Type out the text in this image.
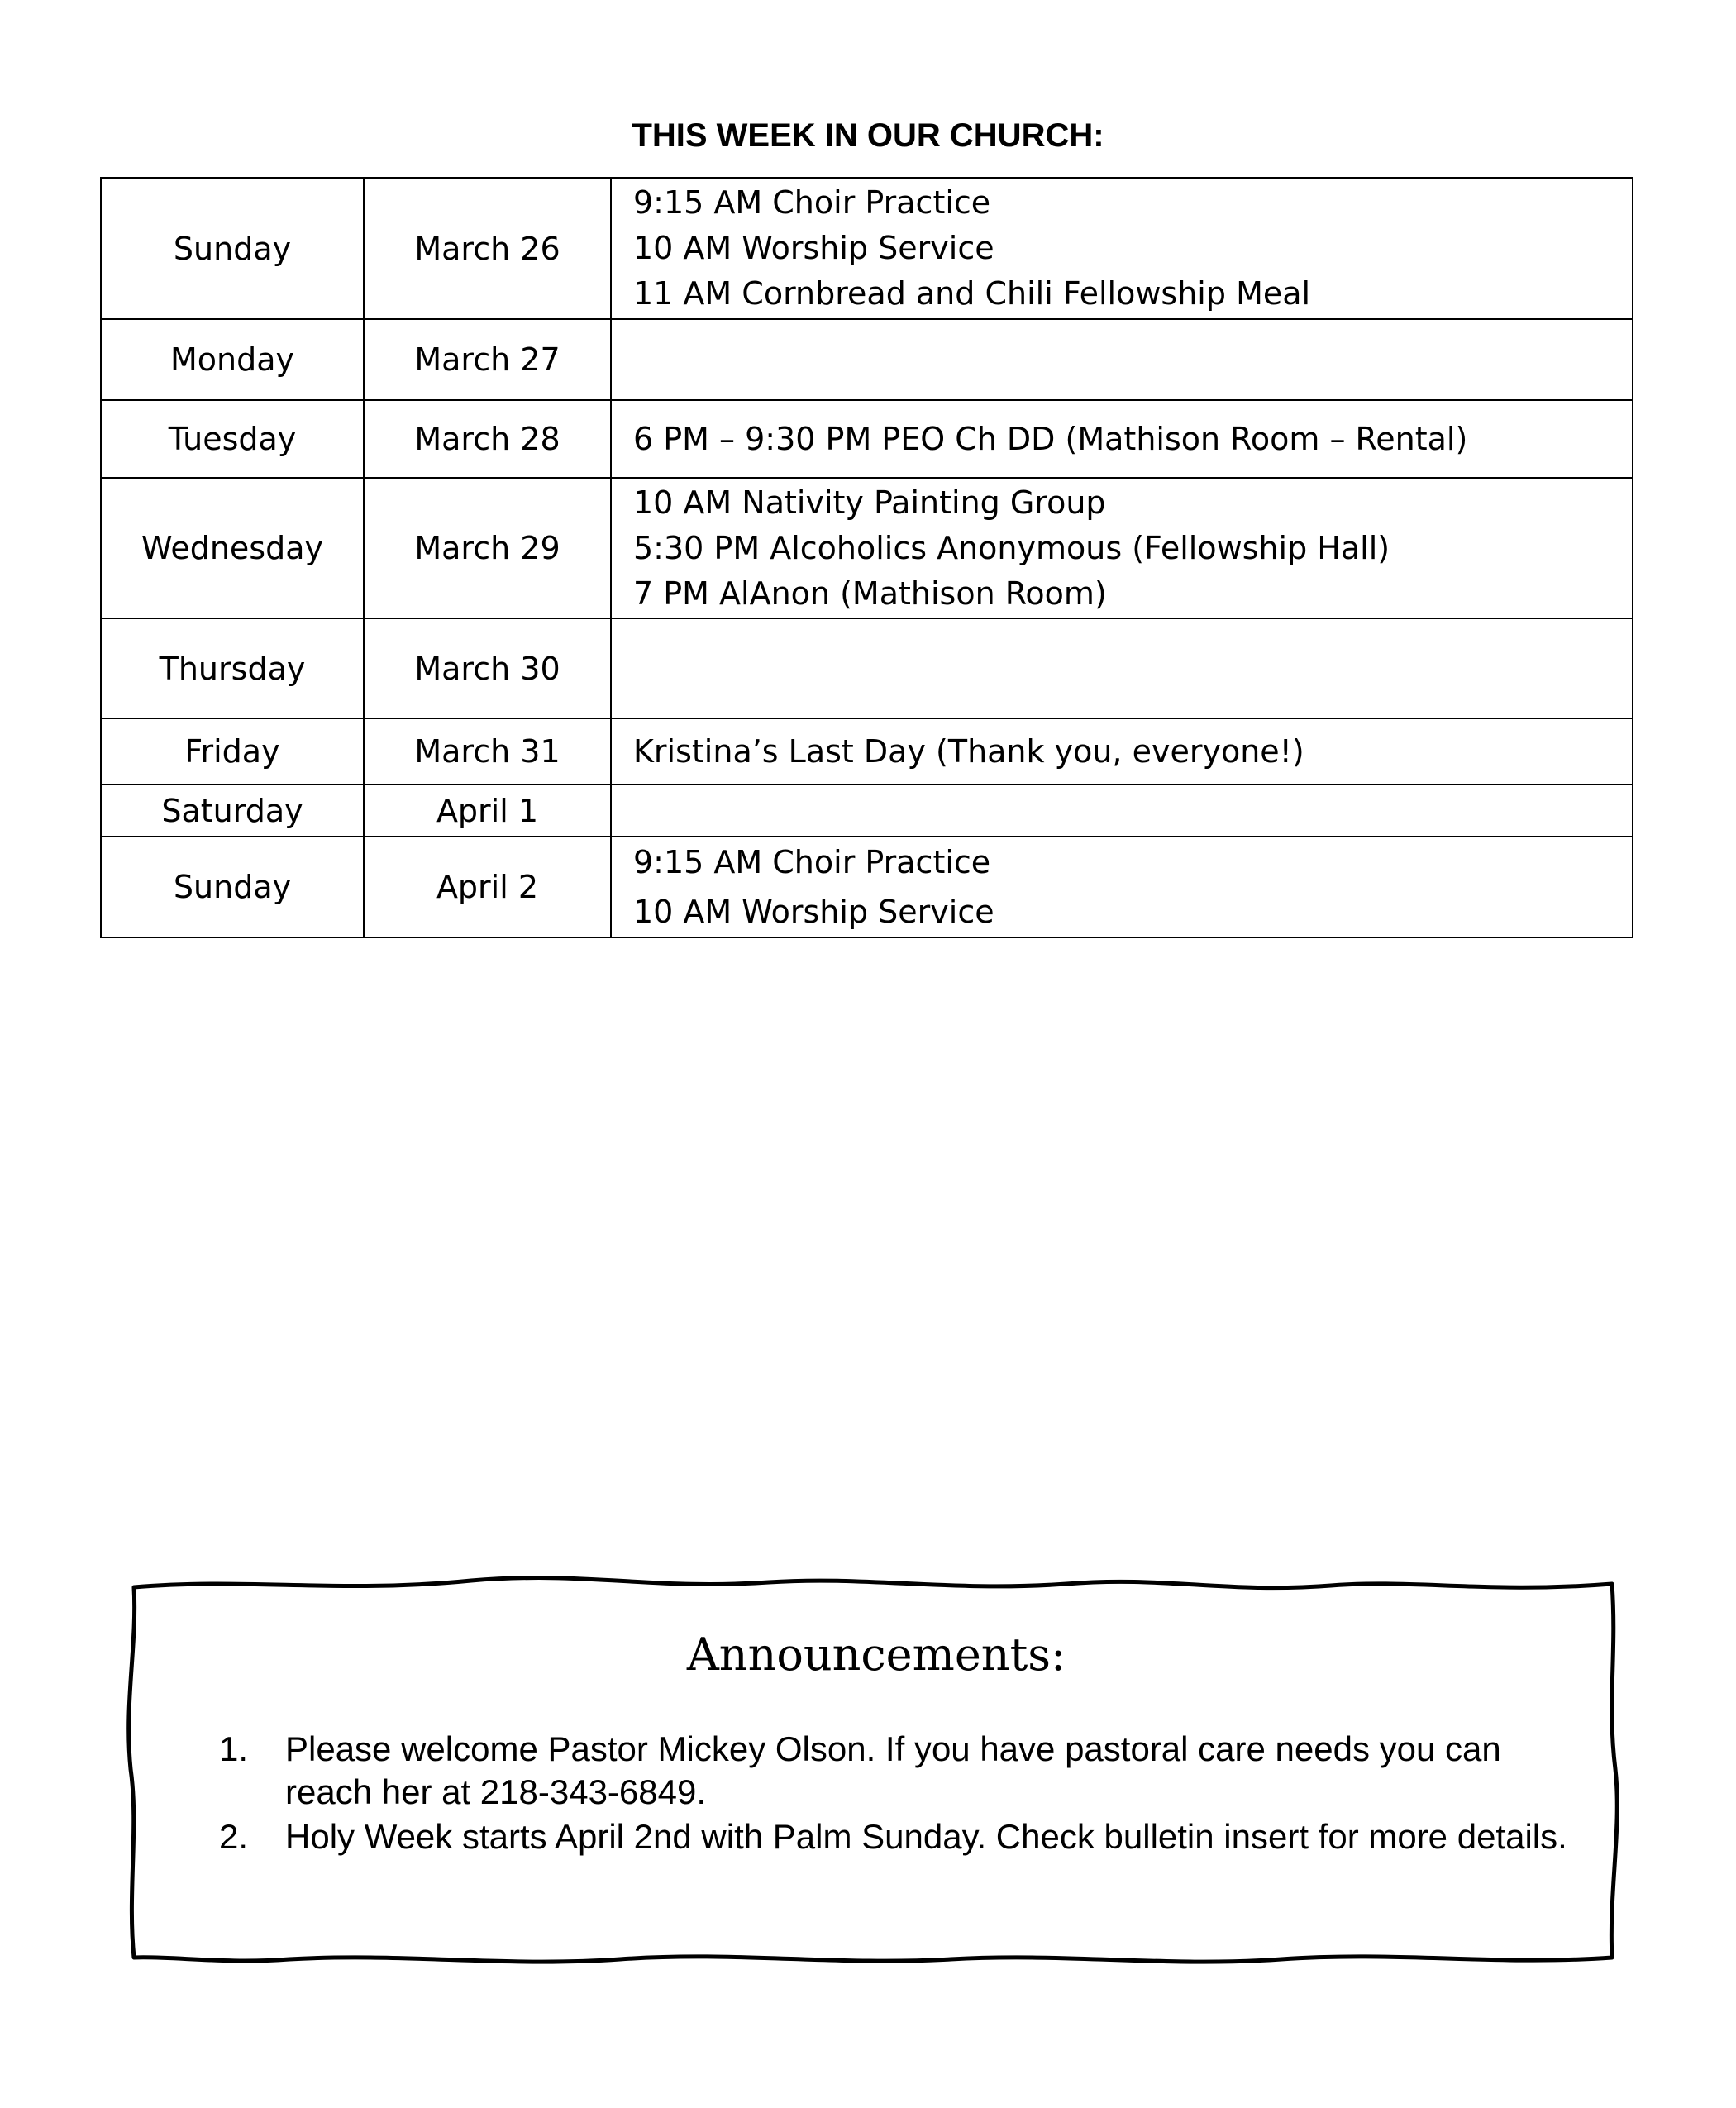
THIS WEEK IN OUR CHURCH:
Sunday	March 26	9:15 AM Choir Practice
10 AM Worship Service
11 AM Cornbread and Chili Fellowship Meal

Monday	March 27	
Tuesday	March 28	6 PM – 9:30 PM PEO Ch DD (Mathison Room – Rental)

Wednesday	March 29	10 AM Nativity Painting Group
5:30 PM Alcoholics Anonymous (Fellowship Hall)
7 PM AlAnon (Mathison Room)

Thursday	March 30	
Friday	March 31	Kristina’s Last Day (Thank you, everyone!)

Saturday	April 1	
Sunday	April 2	9:15 AM Choir Practice
10 AM Worship Service
Announcements:
1.	Please welcome Pastor Mickey Olson. If you have pastoral care needs you can reach her at 218-343-6849.
2.	Holy Week starts April 2nd with Palm Sunday. Check bulletin insert for more details.
